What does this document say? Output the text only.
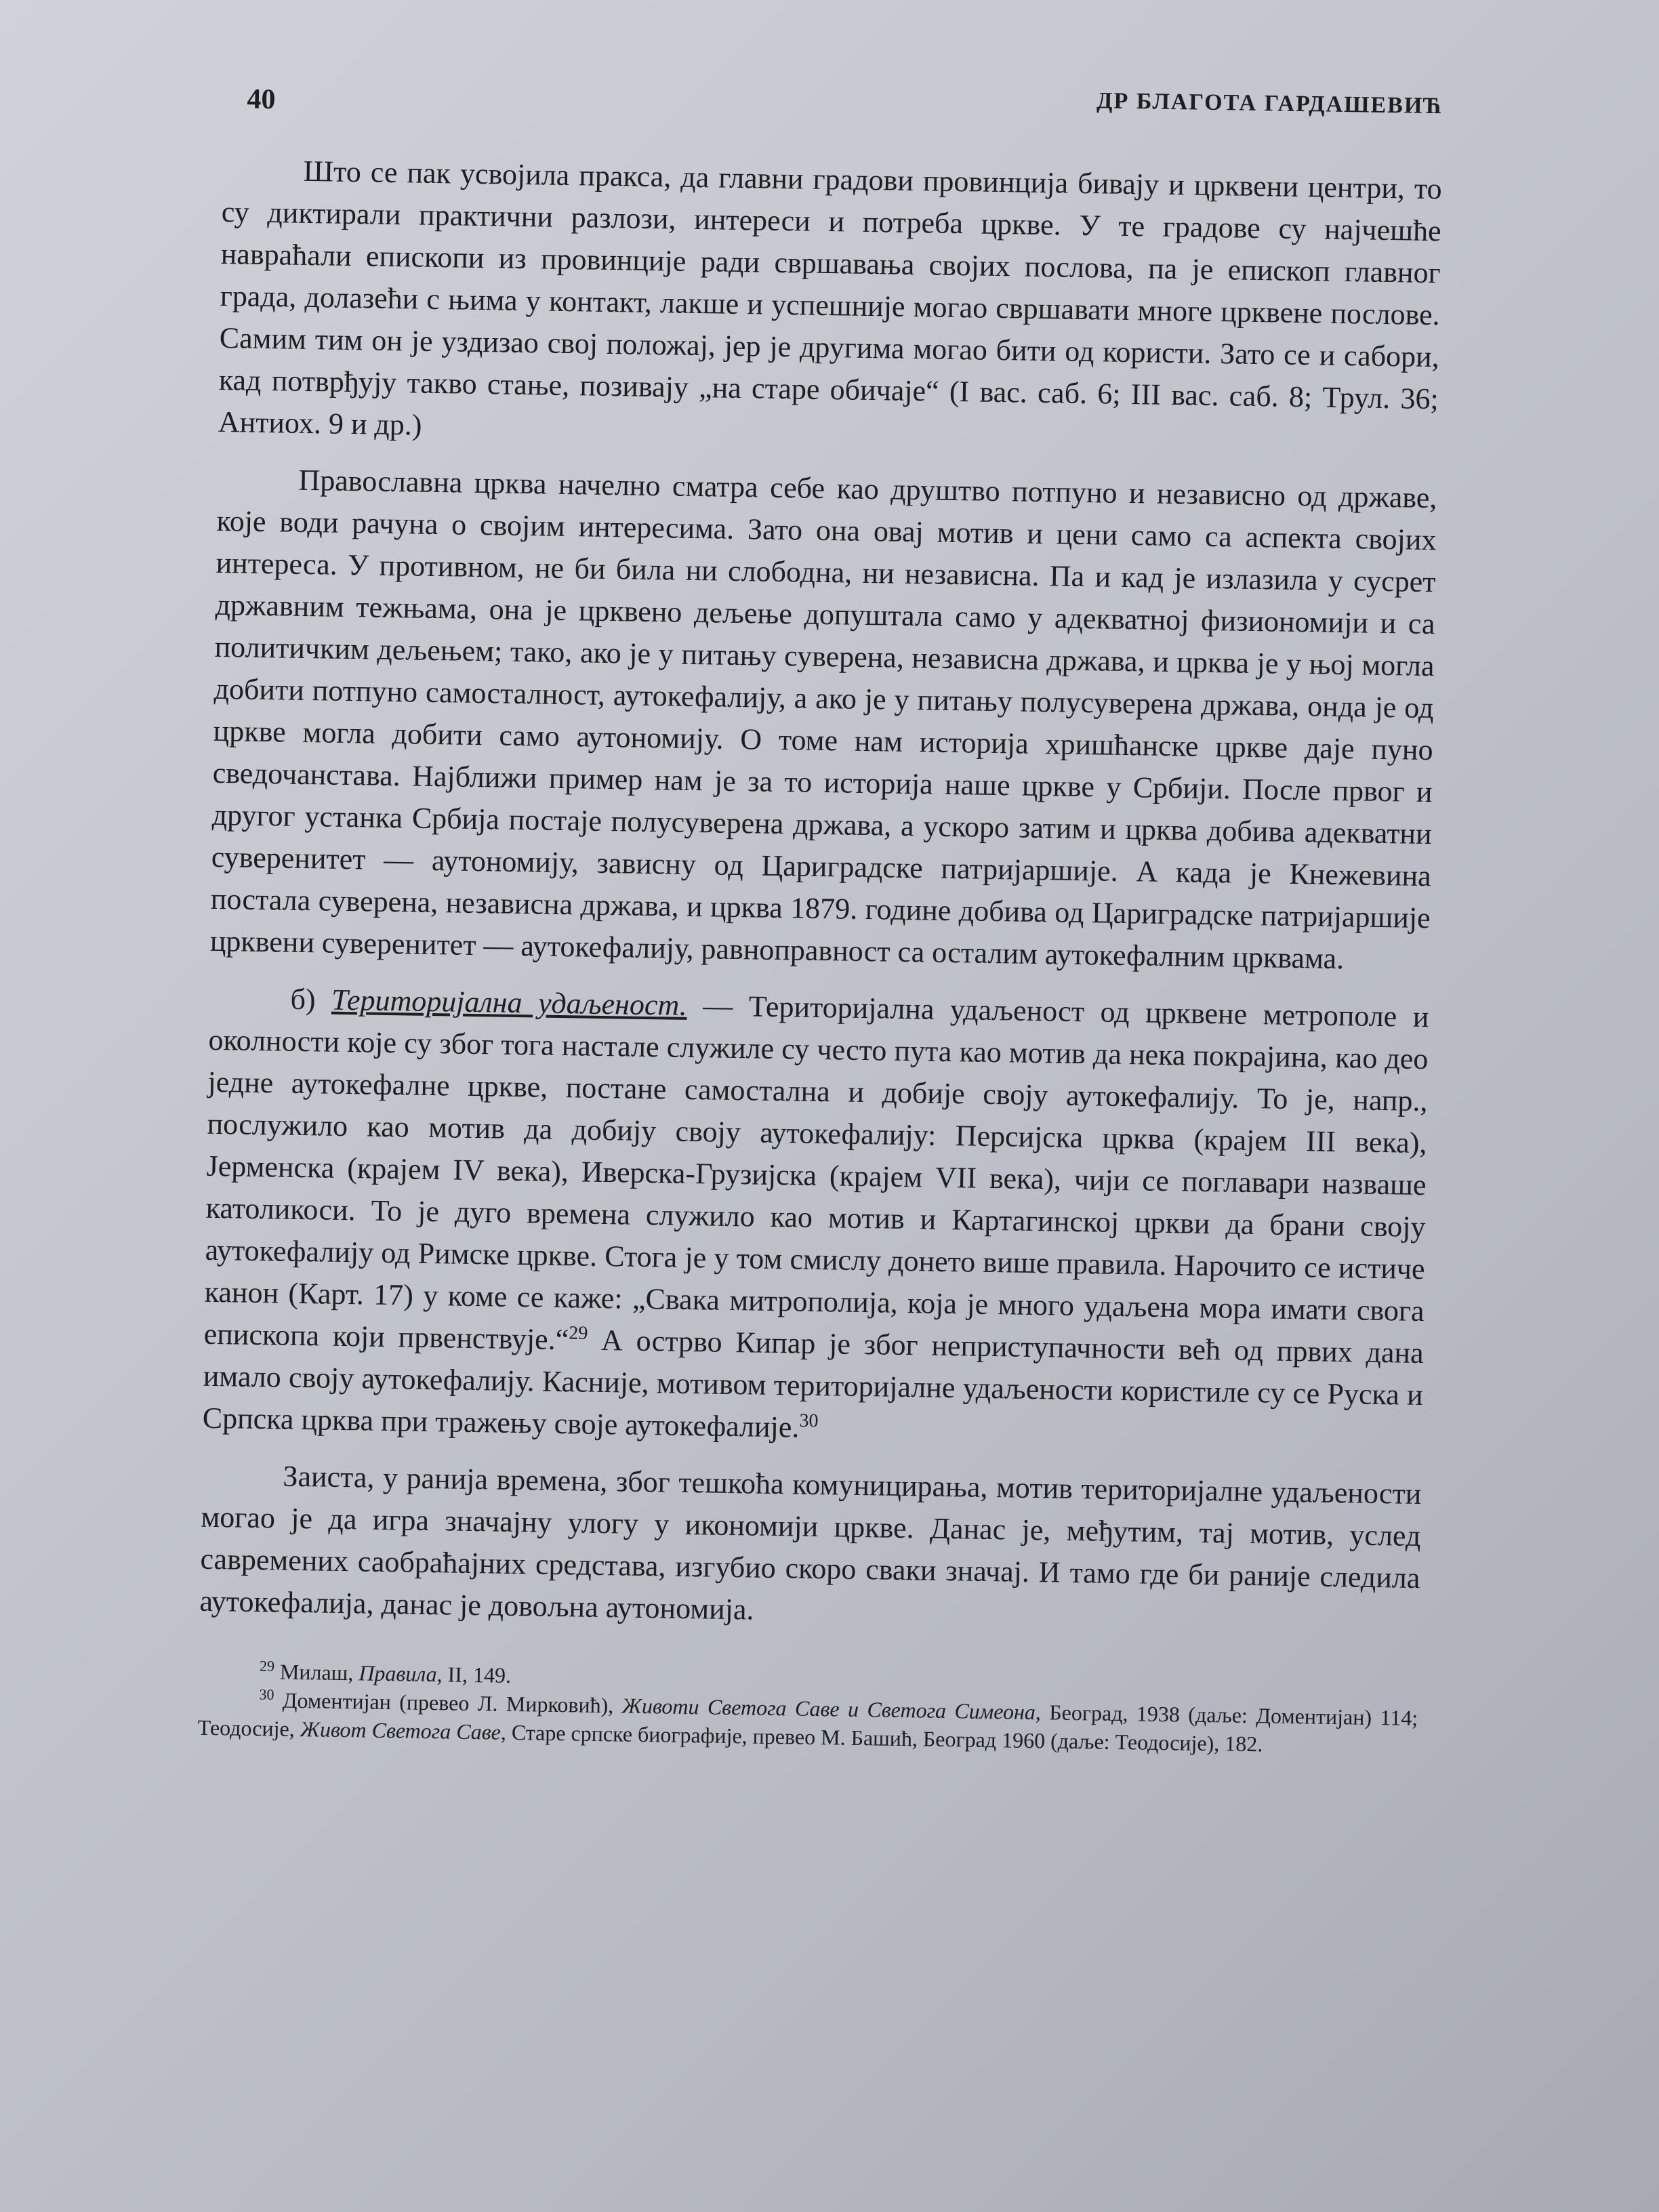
40	ДР БЛАГОТА ГАРДАШЕВИЋ

Што се пак усвојила пракса, да главни градови провинција бивају и црквени центри, то су диктирали практични разлози, интереси и потреба цркве. У те градове су најчешће навраћали епископи из провинције ради свршавања својих послова, па је епископ главног града, долазећи с њима у контакт, лакше и успешније могао свршавати многе црквене послове. Самим тим он је уздизао свој положај, јер је другима могао бити од користи. Зато се и сабори, кад потврђују такво стање, позивају „на старе обичаје“ (I вас. саб. 6; III вас. саб. 8; Трул. 36; Антиох. 9 и др.)

Православна црква начелно сматра себе као друштво потпуно и независно од државе, које води рачуна о својим интересима. Зато она овај мотив и цени само са аспекта својих интереса. У противном, не би била ни слободна, ни независна. Па и кад је излазила у сусрет државним тежњама, она је црквено дељење допуштала само у адекватној физиономији и са политичким дељењем; тако, ако је у питању суверена, независна држава, и црква је у њој могла добити потпуно самосталност, аутокефалију, а ако је у питању полусуверена држава, онда је од цркве могла добити само аутономију. О томе нам историја хришћанске цркве даје пуно сведочанстава. Најближи пример нам је за то историја наше цркве у Србији. После првог и другог устанка Србија постаје полусуверена држава, а ускоро затим и црква добива адекватни суверенитет — аутономију, зависну од Цариградске патријаршије. А када је Кнежевина постала суверена, независна држава, и црква 1879. године добива од Цариградске патријаршије црквени суверенитет — аутокефалију, равноправност са осталим аутокефалним црквама.

б) Територијална удаљеност. — Територијална удаљеност од црквене метрополе и околности које су због тога настале служиле су често пута као мотив да нека покрајина, као део једне аутокефалне цркве, постане самостална и добије своју аутокефалију. То је, напр., послужило као мотив да добију своју аутокефалију: Персијска црква (крајем III века), Јерменска (крајем IV века), Иверска-Грузијска (крајем VII века), чији се поглавари назваше католикоси. То је дуго времена служило као мотив и Картагинској цркви да брани своју аутокефалију од Римске цркве. Стога је у том смислу донето више правила. Нарочито се истиче канон (Карт. 17) у коме се каже: „Свака митрополија, која је много удаљена мора имати свога епископа који првенствује.“$^{29}$ А острво Кипар је због неприступачности већ од првих дана имало своју аутокефалију. Касније, мотивом територијалне удаљености користиле су се Руска и Српска црква при тражењу своје аутокефалије.$^{30}$

Заиста, у ранија времена, због тешкоћа комуницирања, мотив територијалне удаљености могао је да игра значајну улогу у икономији цркве. Данас је, међутим, тај мотив, услед савремених саобраћајних средстава, изгубио скоро сваки значај. И тамо где би раније следила аутокефалија, данас је довољна аутономија.

$^{29}$ Милаш, Правила, II, 149.

$^{30}$ Доментијан (превео Л. Мирковић), Животи Светога Саве и Светога Симеона, Београд, 1938 (даље: Доментијан) 114; Теодосије, Живот Светога Саве, Старе српске биографије, превео М. Башић, Београд 1960 (даље: Теодосије), 182.
